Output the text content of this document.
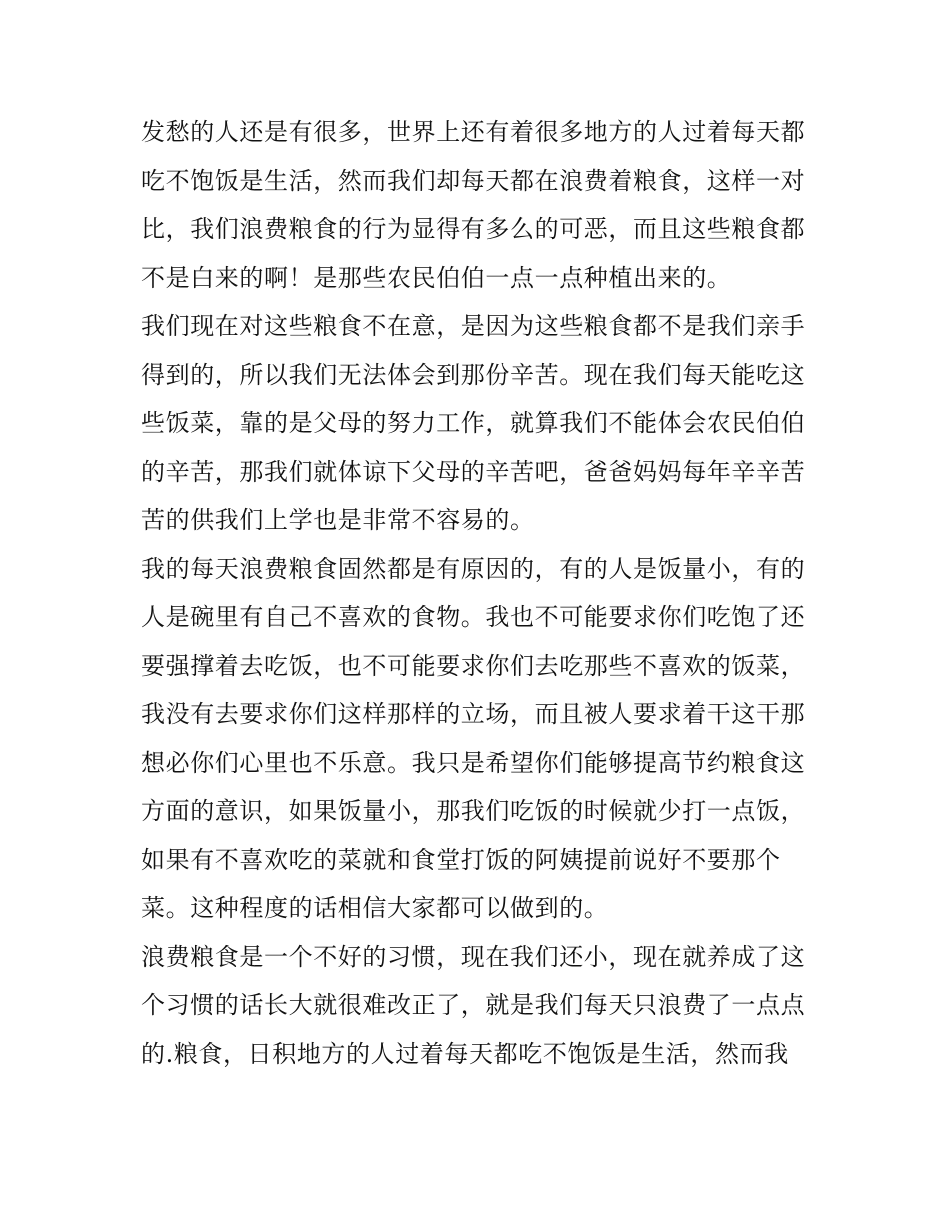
发愁的人还是有很多，世界上还有着很多地方的人过着每天都
吃不饱饭是生活，然而我们却每天都在浪费着粮食，这样一对
比，我们浪费粮食的行为显得有多么的可恶，而且这些粮食都
不是白来的啊！是那些农民伯伯一点一点种植出来的。
我们现在对这些粮食不在意，是因为这些粮食都不是我们亲手
得到的，所以我们无法体会到那份辛苦。现在我们每天能吃这
些饭菜，靠的是父母的努力工作，就算我们不能体会农民伯伯
的辛苦，那我们就体谅下父母的辛苦吧，爸爸妈妈每年辛辛苦
苦的供我们上学也是非常不容易的。
我的每天浪费粮食固然都是有原因的，有的人是饭量小，有的
人是碗里有自己不喜欢的食物。我也不可能要求你们吃饱了还
要强撑着去吃饭，也不可能要求你们去吃那些不喜欢的饭菜，
我没有去要求你们这样那样的立场，而且被人要求着干这干那
想必你们心里也不乐意。我只是希望你们能够提高节约粮食这
方面的意识，如果饭量小，那我们吃饭的时候就少打一点饭，
如果有不喜欢吃的菜就和食堂打饭的阿姨提前说好不要那个
菜。这种程度的话相信大家都可以做到的。
浪费粮食是一个不好的习惯，现在我们还小，现在就养成了这
个习惯的话长大就很难改正了，就是我们每天只浪费了一点点
的.粮食，日积地方的人过着每天都吃不饱饭是生活，然而我
